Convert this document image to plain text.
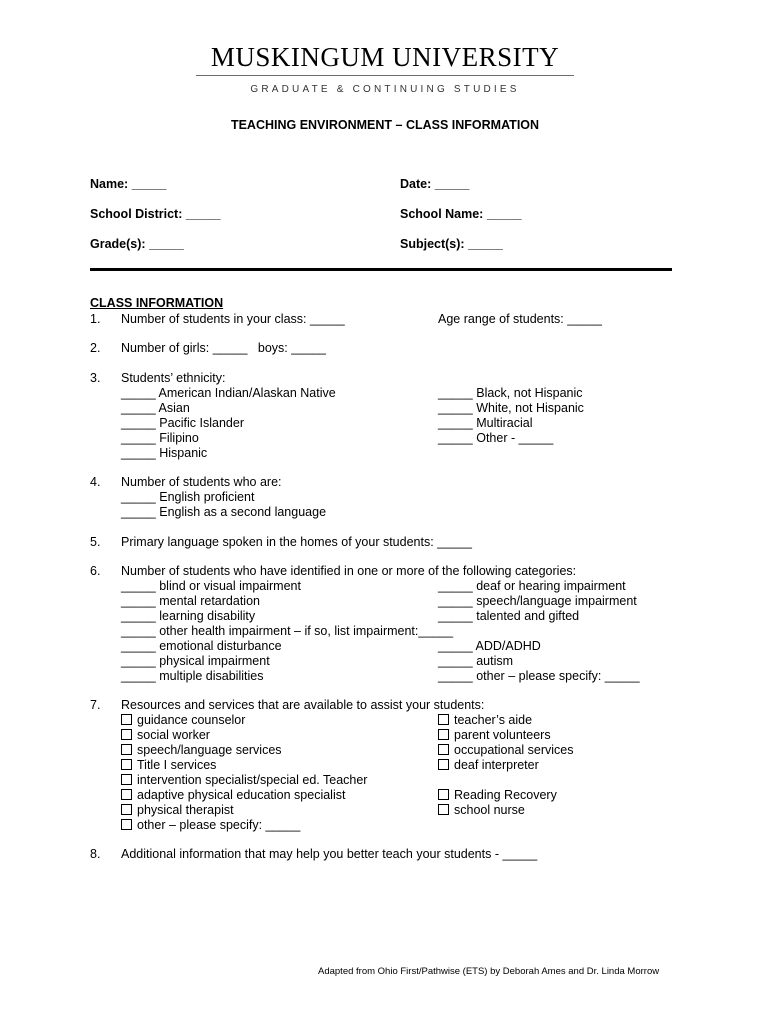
MUSKINGUM UNIVERSITY
GRADUATE & CONTINUING STUDIES
TEACHING ENVIRONMENT – CLASS INFORMATION
Name: _____	Date: _____
School District: _____	School Name: _____
Grade(s): _____	Subject(s): _____
CLASS INFORMATION
1. Number of students in your class: _____	Age range of students: _____
2. Number of girls: _____   boys: _____
3. Students’ ethnicity:
_____ American Indian/Alaskan Native
_____ Asian
_____ Pacific Islander
_____ Filipino
_____ Hispanic
_____ Black, not Hispanic
_____ White, not Hispanic
_____ Multiracial
_____ Other - _____
4. Number of students who are:
_____ English proficient
_____ English as a second language
5. Primary language spoken in the homes of your students: _____
6. Number of students who have identified in one or more of the following categories:
_____ blind or visual impairment
_____ mental retardation
_____ learning disability
_____ other health impairment – if so, list impairment:_____
_____ emotional disturbance
_____ physical impairment
_____ multiple disabilities
_____ deaf or hearing impairment
_____ speech/language impairment
_____ talented and gifted
_____ ADD/ADHD
_____ autism
_____ other – please specify: _____
7. Resources and services that are available to assist your students:
guidance counselor
social worker
speech/language services
Title I services
intervention specialist/special ed. Teacher
adaptive physical education specialist
physical therapist
other – please specify: _____
teacher’s aide
parent volunteers
occupational services
deaf interpreter
Reading Recovery
school nurse
8. Additional information that may help you better teach your students - _____
Adapted from Ohio First/Pathwise (ETS) by Deborah Ames and Dr. Linda Morrow
